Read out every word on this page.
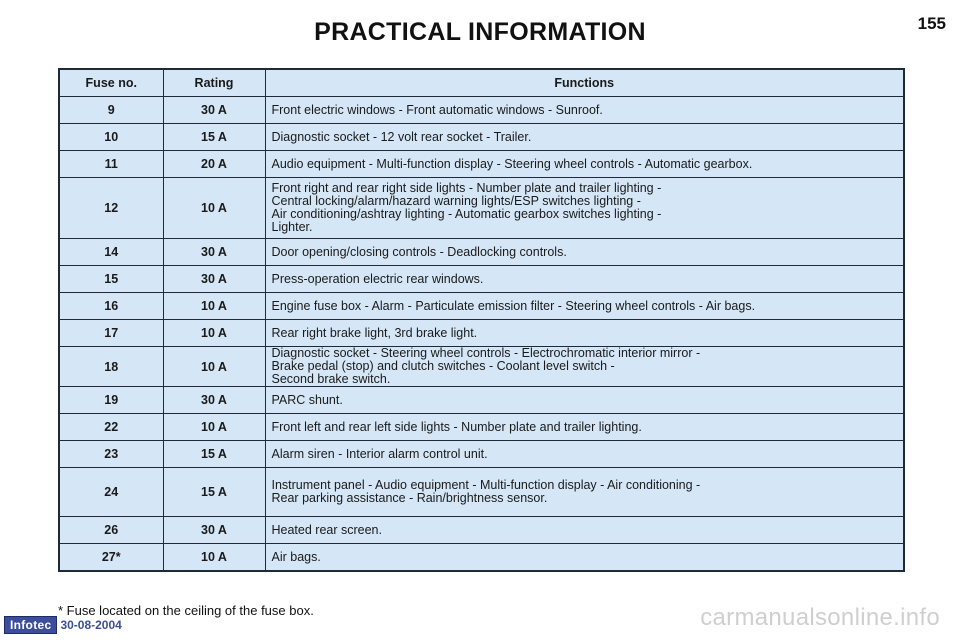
PRACTICAL INFORMATION	155
Fuse no.	Rating	Functions
9	30 A	Front electric windows - Front automatic windows - Sunroof.
10	15 A	Diagnostic socket - 12 volt rear socket - Trailer.
11	20 A	Audio equipment - Multi-function display - Steering wheel controls - Automatic gearbox.
12	10 A	Front right and rear right side lights - Number plate and trailer lighting -
Central locking/alarm/hazard warning lights/ESP switches lighting -
Air conditioning/ashtray lighting - Automatic gearbox switches lighting -
Lighter.
14	30 A	Door opening/closing controls - Deadlocking controls.
15	30 A	Press-operation electric rear windows.
16	10 A	Engine fuse box - Alarm - Particulate emission filter - Steering wheel controls - Air bags.
17	10 A	Rear right brake light, 3rd brake light.
18	10 A	Diagnostic socket - Steering wheel controls - Electrochromatic interior mirror -
Brake pedal (stop) and clutch switches - Coolant level switch -
Second brake switch.
19	30 A	PARC shunt.
22	10 A	Front left and rear left side lights - Number plate and trailer lighting.
23	15 A	Alarm siren - Interior alarm control unit.
24	15 A	Instrument panel - Audio equipment - Multi-function display - Air conditioning -
Rear parking assistance - Rain/brightness sensor.
26	30 A	Heated rear screen.
27*	10 A	Air bags.
* Fuse located on the ceiling of the fuse box.
Infotec 30-08-2004	carmanualsonline.info
